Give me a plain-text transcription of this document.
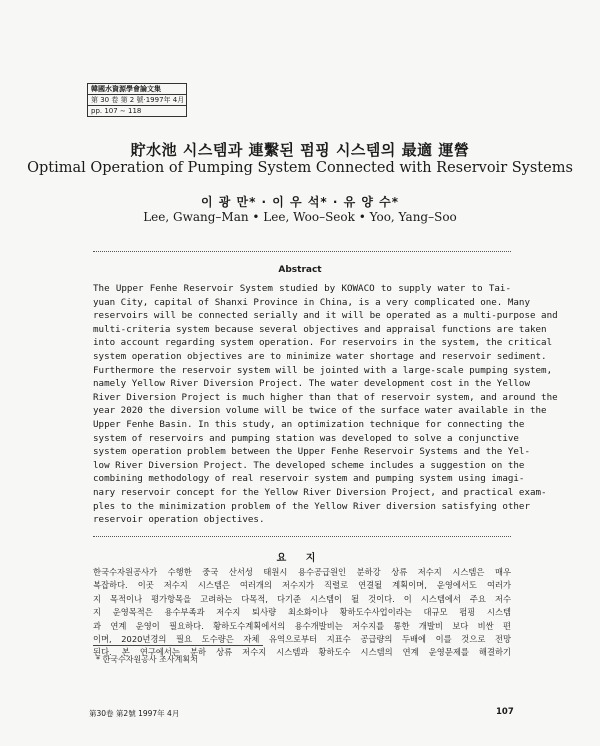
韓國水資源學會論文集
第 30 卷 第 2 號·1997年 4月
pp. 107 ∼ 118
貯水池 시스템과 連繫된 펌핑 시스템의 最適 運營
Optimal Operation of Pumping System Connected with Reservoir Systems
이 광 만* · 이 우 석* · 유 양 수*
Lee, Gwang–Man • Lee, Woo–Seok • Yoo, Yang–Soo
Abstract
The Upper Fenhe Reservoir System studied by KOWACO to supply water to Tai-
yuan City, capital of Shanxi Province in China, is a very complicated one. Many
reservoirs will be connected serially and it will be operated as a multi-purpose and
multi-criteria system because several objectives and appraisal functions are taken
into account regarding system operation. For reservoirs in the system, the critical
system operation objectives are to minimize water shortage and reservoir sediment.
Furthermore the reservoir system will be jointed with a large-scale pumping system,
namely Yellow River Diversion Project. The water development cost in the Yellow
River Diversion Project is much higher than that of reservoir system, and around the
year 2020 the diversion volume will be twice of the surface water available in the
Upper Fenhe Basin. In this study, an optimization technique for connecting the
system of reservoirs and pumping station was developed to solve a conjunctive
system operation problem between the Upper Fenhe Reservoir Systems and the Yel-
low River Diversion Project. The developed scheme includes a suggestion on the
combining methodology of real reservoir system and pumping system using imagi-
nary reservoir concept for the Yellow River Diversion Project, and practical exam-
ples to the minimization problem of the Yellow River diversion satisfying other
reservoir operation objectives.
요 지
한국수자원공사가 수행한 중국 산서성 태원시 용수공급원인 분하강 상류 저수지 시스템은 매우
복잡하다. 이곳 저수지 시스템은 여러개의 저수지가 직렬로 연결될 계획이며, 운영에서도 여러가
지 목적이나 평가항목을 고려하는 다목적, 다기준 시스템이 될 것이다. 이 시스템에서 주요 저수
지 운영목적은 용수부족과 저수지 퇴사량 최소화이나 황하도수사업이라는 대규모 펌핑 시스템
과 연계 운영이 필요하다. 황하도수계획에서의 용수개발비는 저수지를 통한 개발비 보다 비싼 편
이며, 2020년경의 필요 도수량은 자체 유역으로부터 지표수 공급량의 두배에 이를 것으로 전망
된다. 본 연구에서는 분하 상류 저수지 시스템과 황하도수 시스템의 연계 운영문제를 해결하기
* 한국수자원공사 조사계획처
第30卷 第2號 1997年 4月	107
